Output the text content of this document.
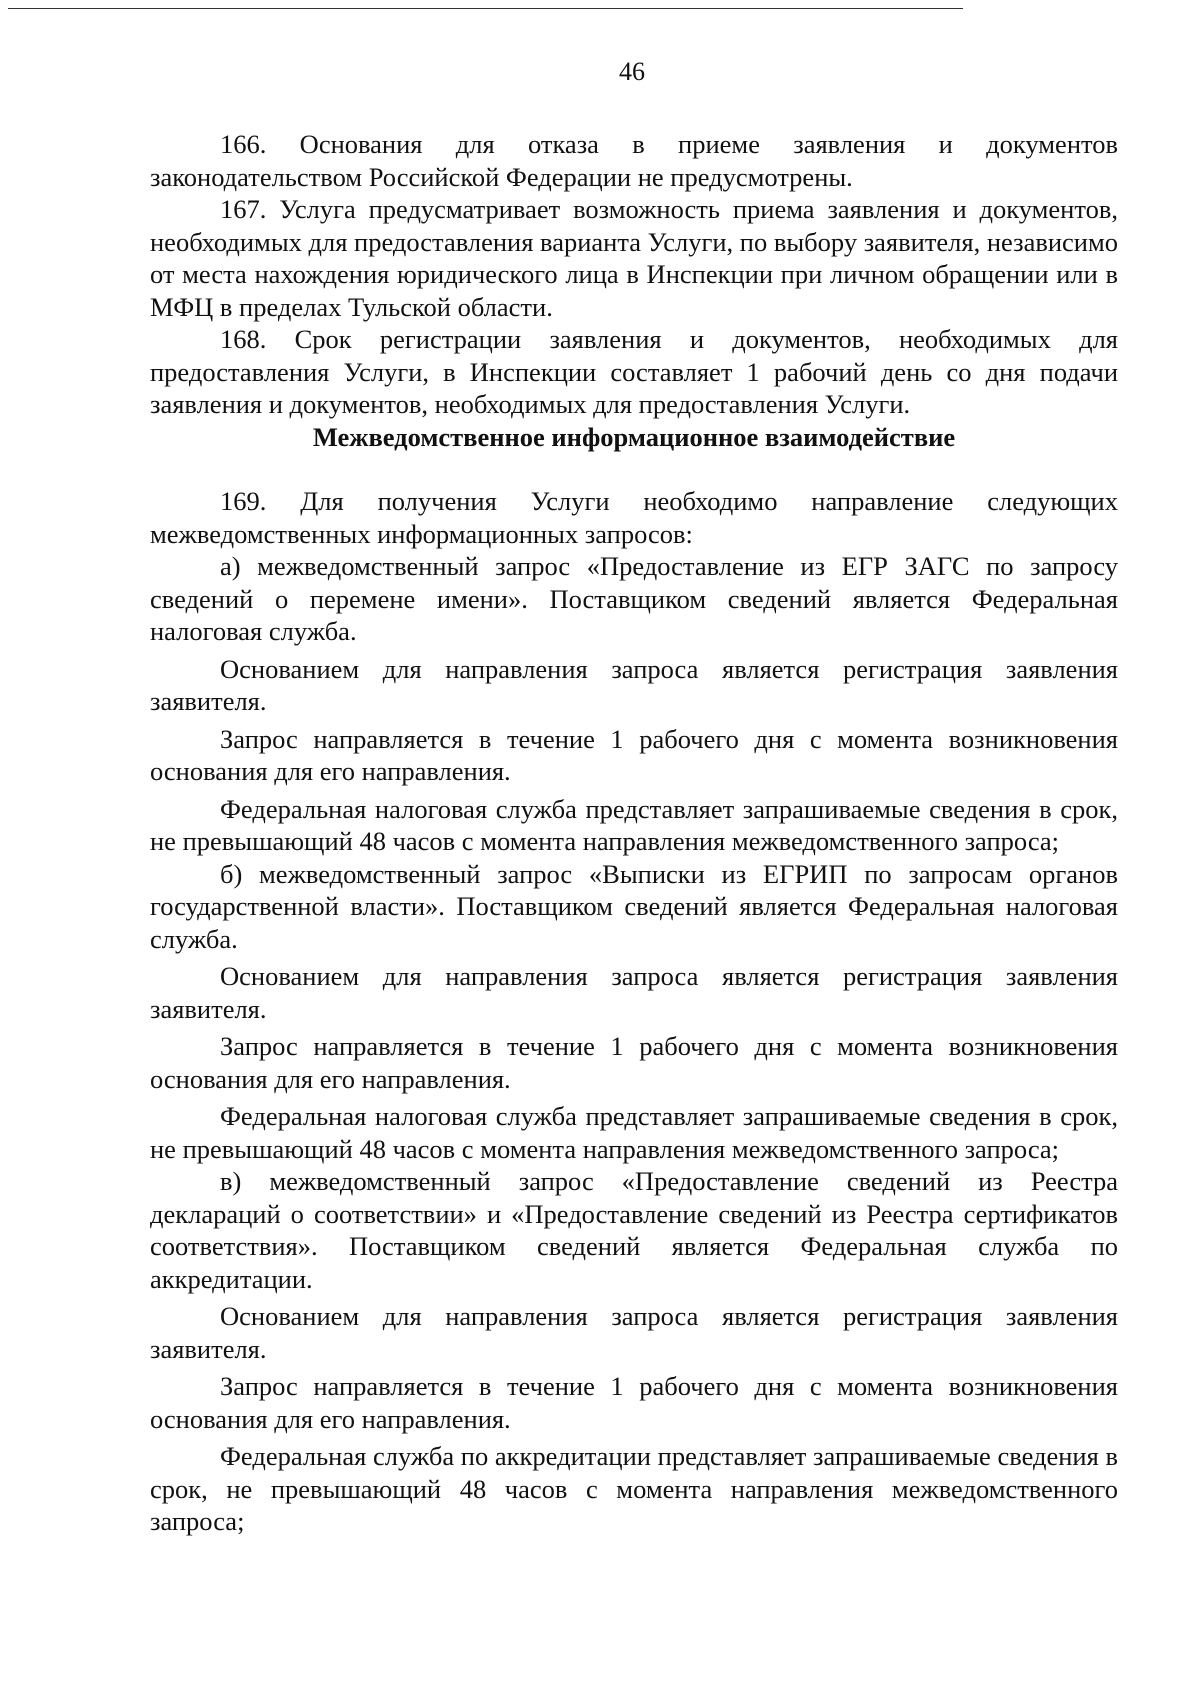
46

166. Основания для отказа в приеме заявления и документов законодательством Российской Федерации не предусмотрены.

167. Услуга предусматривает возможность приема заявления и документов, необходимых для предоставления варианта Услуги, по выбору заявителя, независимо от места нахождения юридического лица в Инспекции при личном обращении или в МФЦ в пределах Тульской области.

168. Срок регистрации заявления и документов, необходимых для предоставления Услуги, в Инспекции составляет 1 рабочий день со дня подачи заявления и документов, необходимых для предоставления Услуги.

Межведомственное информационное взаимодействие

169. Для получения Услуги необходимо направление следующих межведомственных информационных запросов:

а) межведомственный запрос «Предоставление из ЕГР ЗАГС по запросу сведений о перемене имени». Поставщиком сведений является Федеральная налоговая служба.

Основанием для направления запроса является регистрация заявления заявителя.

Запрос направляется в течение 1 рабочего дня с момента возникновения основания для его направления.

Федеральная налоговая служба представляет запрашиваемые сведения в срок, не превышающий 48 часов с момента направления межведомственного запроса;

б) межведомственный запрос «Выписки из ЕГРИП по запросам органов государственной власти». Поставщиком сведений является Федеральная налоговая служба.

Основанием для направления запроса является регистрация заявления заявителя.

Запрос направляется в течение 1 рабочего дня с момента возникновения основания для его направления.

Федеральная налоговая служба представляет запрашиваемые сведения в срок, не превышающий 48 часов с момента направления межведомственного запроса;

в) межведомственный запрос «Предоставление сведений из Реестра деклараций о соответствии» и «Предоставление сведений из Реестра сертификатов соответствия». Поставщиком сведений является Федеральная служба по аккредитации.

Основанием для направления запроса является регистрация заявления заявителя.

Запрос направляется в течение 1 рабочего дня с момента возникновения основания для его направления.

Федеральная служба по аккредитации представляет запрашиваемые сведения в срок, не превышающий 48 часов с момента направления межведомственного запроса;
